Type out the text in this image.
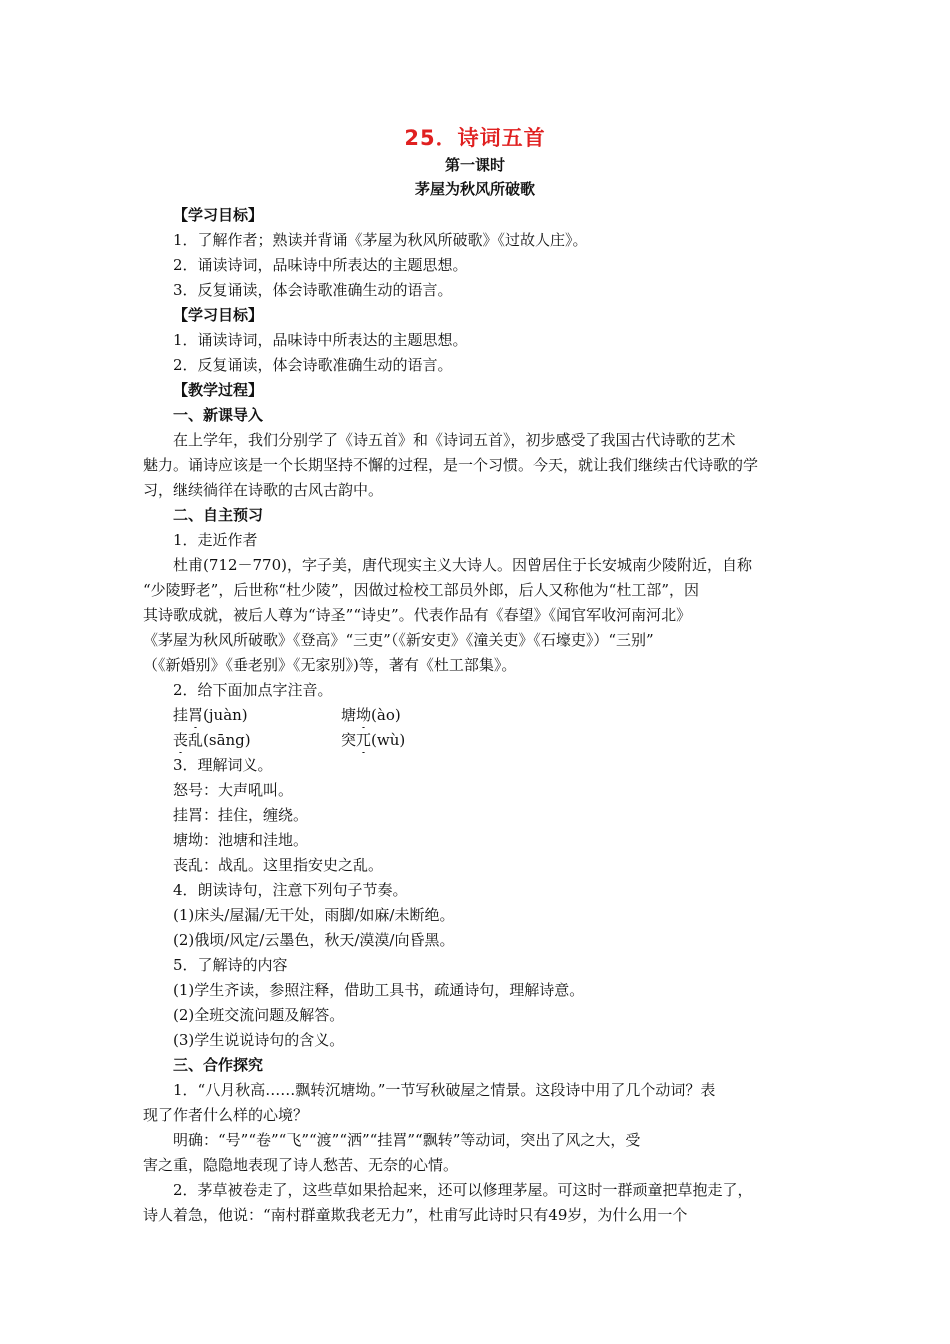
25．诗词五首
第一课时
茅屋为秋风所破歌
【学习目标】
1．了解作者；熟读并背诵《茅屋为秋风所破歌》《过故人庄》。
2．诵读诗词，品味诗中所表达的主题思想。
3．反复诵读，体会诗歌准确生动的语言。
【学习目标】
1．诵读诗词，品味诗中所表达的主题思想。
2．反复诵读，体会诗歌准确生动的语言。
【教学过程】
一、新课导入
在上学年，我们分别学了《诗五首》和《诗词五首》，初步感受了我国古代诗歌的艺术
魅力。诵诗应该是一个长期坚持不懈的过程，是一个习惯。今天，就让我们继续古代诗歌的学
习，继续徜徉在诗歌的古风古韵中。
二、自主预习
1．走近作者
杜甫(712－770)，字子美，唐代现实主义大诗人。因曾居住于长安城南少陵附近，自称
“少陵野老”，后世称“杜少陵”，因做过检校工部员外郎，后人又称他为“杜工部”，因
其诗歌成就，被后人尊为“诗圣”“诗史”。代表作品有《春望》《闻官军收河南河北》
《茅屋为秋风所破歌》《登高》“三吏”（《新安吏》《潼关吏》《石壕吏》）“三别”
（《新婚别》《垂老别》《无家别》)等，著有《杜工部集》。
2．给下面加点字注音。
挂罥(juàn)	塘坳(ào)
丧乱(sāng)	突兀(wù)
3．理解词义。
怒号：大声吼叫。
挂罥：挂住，缠绕。
塘坳：池塘和洼地。
丧乱：战乱。这里指安史之乱。
4．朗读诗句，注意下列句子节奏。
(1)床头/屋漏/无干处，雨脚/如麻/未断绝。
(2)俄顷/风定/云墨色，秋天/漠漠/向昏黑。
5．了解诗的内容
(1)学生齐读，参照注释，借助工具书，疏通诗句，理解诗意。
(2)全班交流问题及解答。
(3)学生说说诗句的含义。
三、合作探究
1．“八月秋高……飘转沉塘坳。”一节写秋破屋之情景。这段诗中用了几个动词？表
现了作者什么样的心境？
明确：“号”“卷”“飞”“渡”“洒”“挂罥”“飘转”等动词，突出了风之大，受
害之重，隐隐地表现了诗人愁苦、无奈的心情。
2．茅草被卷走了，这些草如果拾起来，还可以修理茅屋。可这时一群顽童把草抱走了，
诗人着急，他说：“南村群童欺我老无力”，杜甫写此诗时只有49岁，为什么用一个
